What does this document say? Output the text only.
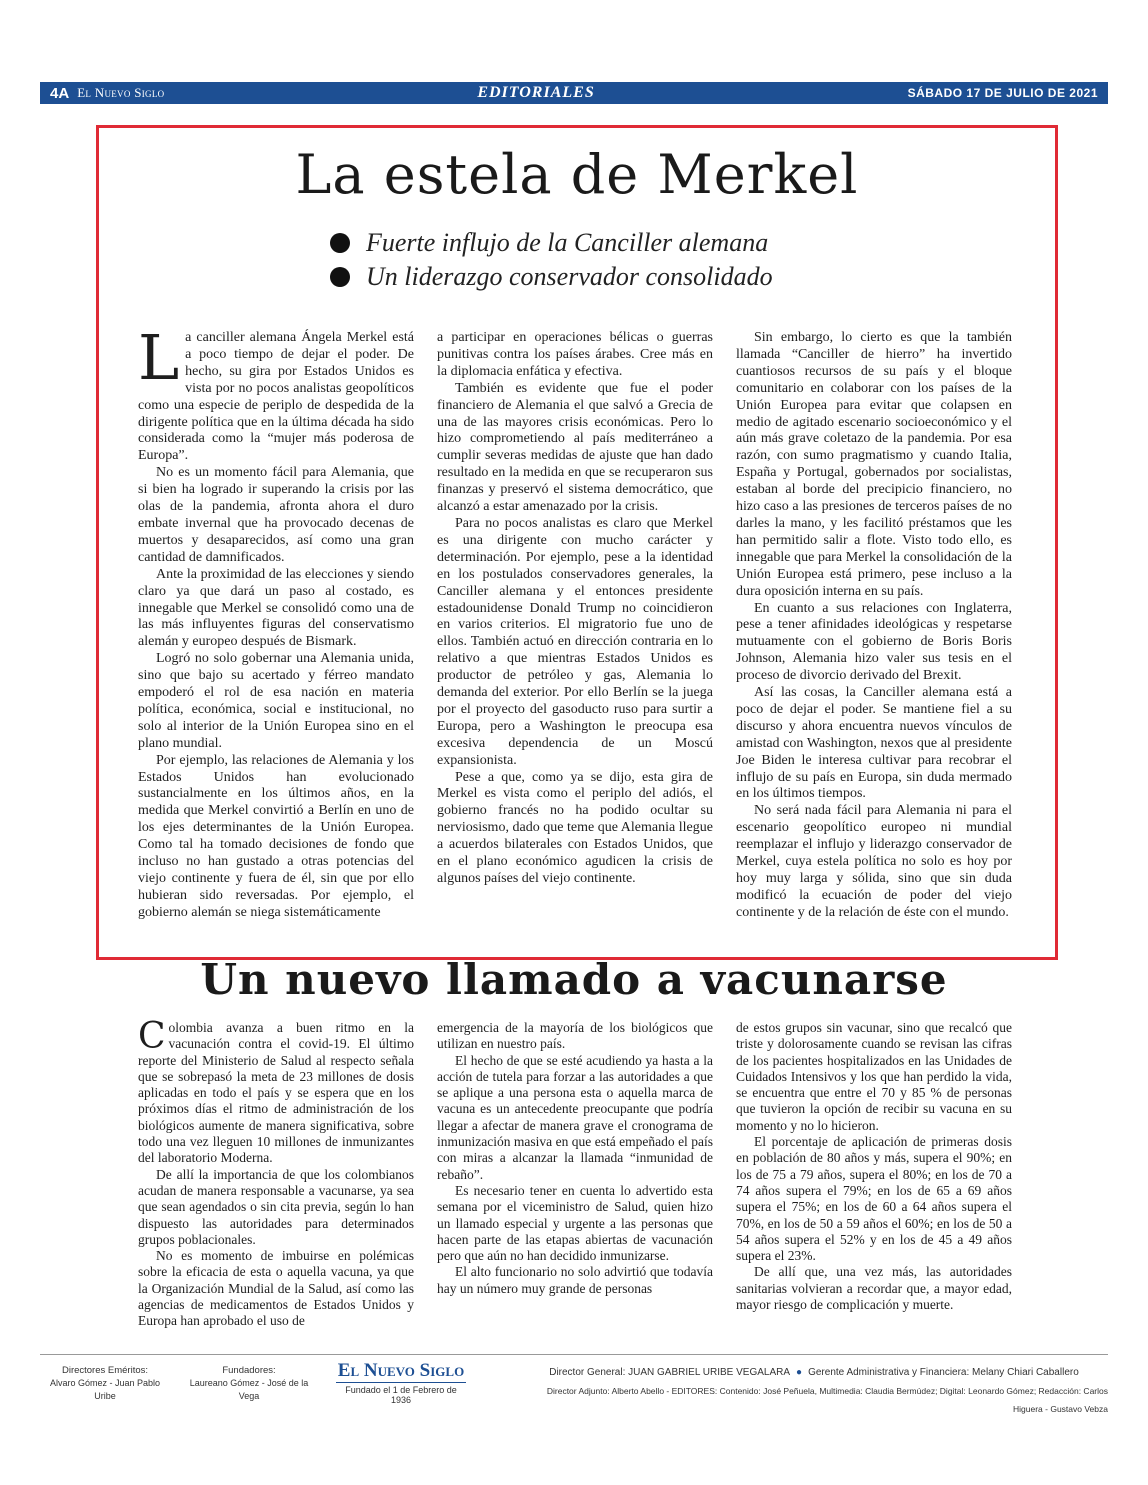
4A El Nuevo Siglo	EDITORIALES	SÁBADO 17 DE JULIO DE 2021
La estela de Merkel
Fuerte influjo de la Canciller alemana
Un liderazgo conservador consolidado

La canciller alemana Ángela Merkel está a poco tiempo de dejar el poder. De hecho, su gira por Estados Unidos es vista por no pocos analistas geopolíticos como una especie de periplo de despedida de la dirigente política que en la última década ha sido considerada como la “mujer más poderosa de Europa”.

No es un momento fácil para Alemania, que si bien ha logrado ir superando la crisis por las olas de la pandemia, afronta ahora el duro embate invernal que ha provocado decenas de muertos y desaparecidos, así como una gran cantidad de damnificados.

Ante la proximidad de las elecciones y siendo claro ya que dará un paso al costado, es innegable que Merkel se consolidó como una de las más influyentes figuras del conservatismo alemán y europeo después de Bismark.

Logró no solo gobernar una Alemania unida, sino que bajo su acertado y férreo mandato empoderó el rol de esa nación en materia política, económica, social e institucional, no solo al interior de la Unión Europea sino en el plano mundial.

Por ejemplo, las relaciones de Alemania y los Estados Unidos han evolucionado sustancialmente en los últimos años, en la medida que Merkel convirtió a Berlín en uno de los ejes determinantes de la Unión Europea. Como tal ha tomado decisiones de fondo que incluso no han gustado a otras potencias del viejo continente y fuera de él, sin que por ello hubieran sido reversadas. Por ejemplo, el gobierno alemán se niega sistemáticamente

a participar en operaciones bélicas o guerras punitivas contra los países árabes. Cree más en la diplomacia enfática y efectiva.

También es evidente que fue el poder financiero de Alemania el que salvó a Grecia de una de las mayores crisis económicas. Pero lo hizo comprometiendo al país mediterráneo a cumplir severas medidas de ajuste que han dado resultado en la medida en que se recuperaron sus finanzas y preservó el sistema democrático, que alcanzó a estar amenazado por la crisis.

Para no pocos analistas es claro que Merkel es una dirigente con mucho carácter y determinación. Por ejemplo, pese a la identidad en los postulados conservadores generales, la Canciller alemana y el entonces presidente estadounidense Donald Trump no coincidieron en varios criterios. El migratorio fue uno de ellos. También actuó en dirección contraria en lo relativo a que mientras Estados Unidos es productor de petróleo y gas, Alemania lo demanda del exterior. Por ello Berlín se la juega por el proyecto del gasoducto ruso para surtir a Europa, pero a Washington le preocupa esa excesiva dependencia de un Moscú expansionista.

Pese a que, como ya se dijo, esta gira de Merkel es vista como el periplo del adiós, el gobierno francés no ha podido ocultar su nerviosismo, dado que teme que Alemania llegue a acuerdos bilaterales con Estados Unidos, que en el plano económico agudicen la crisis de algunos países del viejo continente.

Sin embargo, lo cierto es que la también llamada “Canciller de hierro” ha invertido cuantiosos recursos de su país y el bloque comunitario en colaborar con los países de la Unión Europea para evitar que colapsen en medio de agitado escenario socioeconómico y el aún más grave coletazo de la pandemia. Por esa razón, con sumo pragmatismo y cuando Italia, España y Portugal, gobernados por socialistas, estaban al borde del precipicio financiero, no hizo caso a las presiones de terceros países de no darles la mano, y les facilitó préstamos que les han permitido salir a flote. Visto todo ello, es innegable que para Merkel la consolidación de la Unión Europea está primero, pese incluso a la dura oposición interna en su país.

En cuanto a sus relaciones con Inglaterra, pese a tener afinidades ideológicas y respetarse mutuamente con el gobierno de Boris Boris Johnson, Alemania hizo valer sus tesis en el proceso de divorcio derivado del Brexit.

Así las cosas, la Canciller alemana está a poco de dejar el poder. Se mantiene fiel a su discurso y ahora encuentra nuevos vínculos de amistad con Washington, nexos que al presidente Joe Biden le interesa cultivar para recobrar el influjo de su país en Europa, sin duda mermado en los últimos tiempos.

No será nada fácil para Alemania ni para el escenario geopolítico europeo ni mundial reemplazar el influjo y liderazgo conservador de Merkel, cuya estela política no solo es hoy por hoy muy larga y sólida, sino que sin duda modificó la ecuación de poder del viejo continente y de la relación de éste con el mundo.

Un nuevo llamado a vacunarse

Colombia avanza a buen ritmo en la vacunación contra el covid-19. El último reporte del Ministerio de Salud al respecto señala que se sobrepasó la meta de 23 millones de dosis aplicadas en todo el país y se espera que en los próximos días el ritmo de administración de los biológicos aumente de manera significativa, sobre todo una vez lleguen 10 millones de inmunizantes del laboratorio Moderna.

De allí la importancia de que los colombianos acudan de manera responsable a vacunarse, ya sea que sean agendados o sin cita previa, según lo han dispuesto las autoridades para determinados grupos poblacionales.

No es momento de imbuirse en polémicas sobre la eficacia de esta o aquella vacuna, ya que la Organización Mundial de la Salud, así como las agencias de medicamentos de Estados Unidos y Europa han aprobado el uso de

emergencia de la mayoría de los biológicos que utilizan en nuestro país.

El hecho de que se esté acudiendo ya hasta a la acción de tutela para forzar a las autoridades a que se aplique a una persona esta o aquella marca de vacuna es un antecedente preocupante que podría llegar a afectar de manera grave el cronograma de inmunización masiva en que está empeñado el país con miras a alcanzar la llamada “inmunidad de rebaño”.

Es necesario tener en cuenta lo advertido esta semana por el viceministro de Salud, quien hizo un llamado especial y urgente a las personas que hacen parte de las etapas abiertas de vacunación pero que aún no han decidido inmunizarse.

El alto funcionario no solo advirtió que todavía hay un número muy grande de personas

de estos grupos sin vacunar, sino que recalcó que triste y dolorosamente cuando se revisan las cifras de los pacientes hospitalizados en las Unidades de Cuidados Intensivos y los que han perdido la vida, se encuentra que entre el 70 y 85 % de personas que tuvieron la opción de recibir su vacuna en su momento y no lo hicieron.

El porcentaje de aplicación de primeras dosis en población de 80 años y más, supera el 90%; en los de 75 a 79 años, supera el 80%; en los de 70 a 74 años supera el 79%; en los de 65 a 69 años supera el 75%; en los de 60 a 64 años supera el 70%, en los de 50 a 59 años el 60%; en los de 50 a 54 años supera el 52% y en los de 45 a 49 años supera el 23%.

De allí que, una vez más, las autoridades sanitarias volvieran a recordar que, a mayor edad, mayor riesgo de complicación y muerte.

Directores Eméritos:
Alvaro Gómez - Juan Pablo Uribe
Fundadores:
Laureano Gómez - José de la Vega
El Nuevo Siglo
Fundado el 1 de Febrero de 1936
Director General: JUAN GABRIEL URIBE VEGALARA ● Gerente Administrativa y Financiera: Melany Chiari Caballero
Director Adjunto: Alberto Abello - EDITORES: Contenido: José Peñuela, Multimedia: Claudia Bermúdez; Digital: Leonardo Gómez; Redacción: Carlos Higuera - Gustavo Vebza
